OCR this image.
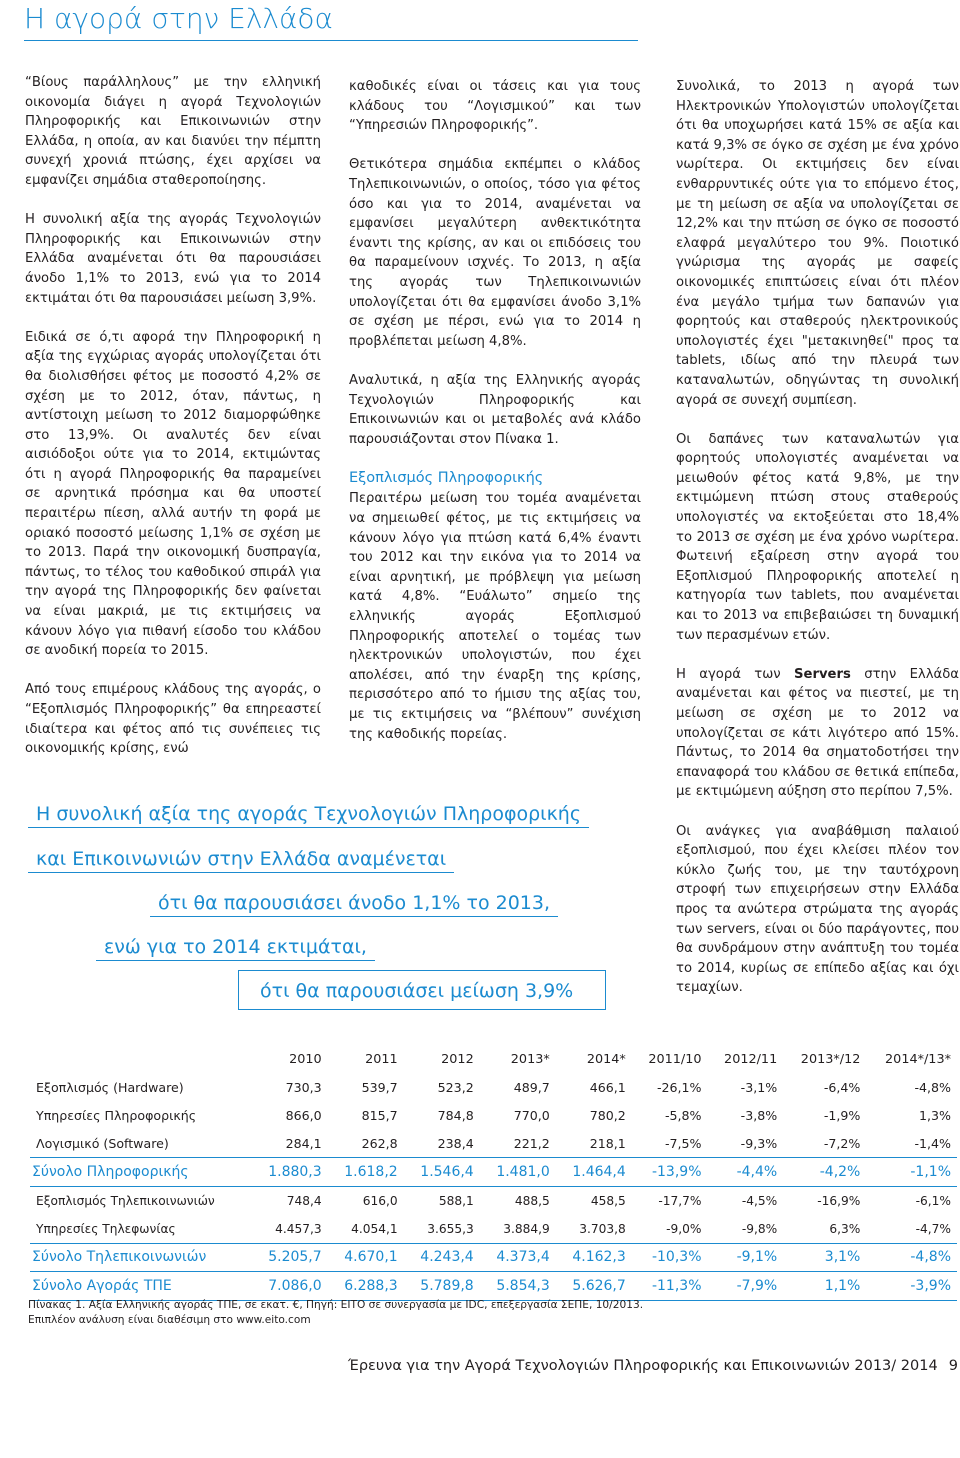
Η αγορά στην Ελλάδα

“Βίους παράλληλους” με την ελληνική οικονομία διάγει η αγορά Τεχνολογιών Πληροφορικής και Επικοινωνιών στην Ελλάδα, η οποία, αν και διανύει την πέμπτη συνεχή χρονιά πτώσης, έχει αρχίσει να εμφανίζει σημάδια σταθεροποίησης.

Η συνολική αξία της αγοράς Τεχνολογιών Πληροφορικής και Επικοινωνιών στην Ελλάδα αναμένεται ότι θα παρουσιάσει άνοδο 1,1% το 2013, ενώ για το 2014 εκτιμάται ότι θα παρουσιάσει μείωση 3,9%.

Ειδικά σε ό,τι αφορά την Πληροφορική η αξία της εγχώριας αγοράς υπολογίζεται ότι θα διολισθήσει φέτος με ποσοστό 4,2% σε σχέση με το 2012, όταν, πάντως, η αντίστοιχη μείωση το 2012 διαμορφώθηκε στο 13,9%. Οι αναλυτές δεν είναι αισιόδοξοι ούτε για το 2014, εκτιμώντας ότι η αγορά Πληροφορικής θα παραμείνει σε αρνητικά πρόσημα και θα υποστεί περαιτέρω πίεση, αλλά αυτήν τη φορά με οριακό ποσοστό μείωσης 1,1% σε σχέση με το 2013. Παρά την οικονομική δυσπραγία, πάντως, το τέλος του καθοδικού σπιράλ για την αγορά της Πληροφορικής δεν φαίνεται να είναι μακριά, με τις εκτιμήσεις να κάνουν λόγο για πιθανή είσοδο του κλάδου σε ανοδική πορεία το 2015.

Από τους επιμέρους κλάδους της αγοράς, ο “Εξοπλισμός Πληροφορικής” θα επηρεαστεί ιδιαίτερα και φέτος από τις συνέπειες τις οικονομικής κρίσης, ενώ

καθοδικές είναι οι τάσεις και για τους κλάδους του “Λογισμικού” και των “Υπηρεσιών Πληροφορικής”.

Θετικότερα σημάδια εκπέμπει ο κλάδος Τηλεπικοινωνιών, ο οποίος, τόσο για φέτος όσο και για το 2014, αναμένεται να εμφανίσει μεγαλύτερη ανθεκτικότητα έναντι της κρίσης, αν και οι επιδόσεις του θα παραμείνουν ισχνές. Το 2013, η αξία της αγοράς των Τηλεπικοινωνιών υπολογίζεται ότι θα εμφανίσει άνοδο 3,1% σε σχέση με πέρσι, ενώ για το 2014 η προβλέπεται μείωση 4,8%.

Αναλυτικά, η αξία της Ελληνικής αγοράς Τεχνολογιών Πληροφορικής και Επικοινωνιών και οι μεταβολές ανά κλάδο παρουσιάζονται στον Πίνακα 1.

Εξοπλισμός Πληροφορικής

Περαιτέρω μείωση του τομέα αναμένεται να σημειωθεί φέτος, με τις εκτιμήσεις να κάνουν λόγο για πτώση κατά 6,4% έναντι του 2012 και την εικόνα για το 2014 να είναι αρνητική, με πρόβλεψη για μείωση κατά 4,8%. “Ευάλωτο” σημείο της ελληνικής αγοράς Εξοπλισμού Πληροφορικής αποτελεί ο τομέας των ηλεκτρονικών υπολογιστών, που έχει απολέσει, από την έναρξη της κρίσης, περισσότερο από το ήμισυ της αξίας του, με τις εκτιμήσεις να “βλέπουν” συνέχιση της καθοδικής πορείας.

Συνολικά, το 2013 η αγορά των Ηλεκτρονικών Υπολογιστών υπολογίζεται ότι θα υποχωρήσει κατά 15% σε αξία και κατά 9,3% σε όγκο σε σχέση με ένα χρόνο νωρίτερα. Οι εκτιμήσεις δεν είναι ενθαρρυντικές ούτε για το επόμενο έτος, με τη μείωση σε αξία να υπολογίζεται σε 12,2% και την πτώση σε όγκο σε ποσοστό ελαφρά μεγαλύτερο του 9%. Ποιοτικό γνώρισμα της αγοράς με σαφείς οικονομικές επιπτώσεις είναι ότι πλέον ένα μεγάλο τμήμα των δαπανών για φορητούς και σταθερούς ηλεκτρονικούς υπολογιστές έχει "μετακινηθεί" προς τα tablets, ιδίως από την πλευρά των καταναλωτών, οδηγώντας τη συνολική αγορά σε συνεχή συμπίεση.

Οι δαπάνες των καταναλωτών για φορητούς υπολογιστές αναμένεται να μειωθούν φέτος κατά 9,8%, με την εκτιμώμενη πτώση στους σταθερούς υπολογιστές να εκτοξεύεται στο 18,4% το 2013 σε σχέση με ένα χρόνο νωρίτερα. Φωτεινή εξαίρεση στην αγορά του Εξοπλισμού Πληροφορικής αποτελεί η κατηγορία των tablets, που αναμένεται και το 2013 να επιβεβαιώσει τη δυναμική των περασμένων ετών.

Η αγορά των Servers στην Ελλάδα αναμένεται και φέτος να πιεστεί, με τη μείωση σε σχέση με το 2012 να υπολογίζεται σε κάτι λιγότερο από 15%. Πάντως, το 2014 θα σηματοδοτήσει την επαναφορά του κλάδου σε θετικά επίπεδα, με εκτιμώμενη αύξηση στο περίπου 7,5%.

Οι ανάγκες για αναβάθμιση παλαιού εξοπλισμού, που έχει κλείσει πλέον τον κύκλο ζωής του, με την ταυτόχρονη στροφή των επιχειρήσεων στην Ελλάδα προς τα ανώτερα στρώματα της αγοράς των servers, είναι οι δύο παράγοντες, που θα συνδράμουν στην ανάπτυξη του τομέα το 2014, κυρίως σε επίπεδο αξίας και όχι τεμαχίων.

Η συνολική αξία της αγοράς Τεχνολογιών Πληροφορικής
και Επικοινωνιών στην Ελλάδα αναμένεται
ότι θα παρουσιάσει άνοδο 1,1% το 2013,
ενώ για το 2014 εκτιμάται,
ότι θα παρουσιάσει μείωση 3,9%
	2010	2011	2012	2013*	2014*	2011/10	2012/11	2013*/12	2014*/13*
Εξοπλισμός (Hardware)	730,3	539,7	523,2	489,7	466,1	-26,1%	-3,1%	-6,4%	-4,8%
Υπηρεσίες Πληροφορικής	866,0	815,7	784,8	770,0	780,2	-5,8%	-3,8%	-1,9%	1,3%
Λογισμικό (Software)	284,1	262,8	238,4	221,2	218,1	-7,5%	-9,3%	-7,2%	-1,4%
Σύνολο Πληροφορικής	1.880,3	1.618,2	1.546,4	1.481,0	1.464,4	-13,9%	-4,4%	-4,2%	-1,1%
Εξοπλισμός Τηλεπικοινωνιών	748,4	616,0	588,1	488,5	458,5	-17,7%	-4,5%	-16,9%	-6,1%
Υπηρεσίες Τηλεφωνίας	4.457,3	4.054,1	3.655,3	3.884,9	3.703,8	-9,0%	-9,8%	6,3%	-4,7%
Σύνολο Τηλεπικοινωνιών	5.205,7	4.670,1	4.243,4	4.373,4	4.162,3	-10,3%	-9,1%	3,1%	-4,8%
Σύνολο Αγοράς ΤΠΕ	7.086,0	6.288,3	5.789,8	5.854,3	5.626,7	-11,3%	-7,9%	1,1%	-3,9%
Πίνακας 1. Αξία Ελληνικής αγοράς ΤΠΕ, σε εκατ. €, Πηγή: EITO σε συνεργασία με IDC, επεξεργασία ΣΕΠΕ, 10/2013.
Επιπλέον ανάλυση είναι διαθέσιμη στο www.eito.com
Έρευνα για την Αγορά Τεχνολογιών Πληροφορικής και Επικοινωνιών 2013/ 2014 9
